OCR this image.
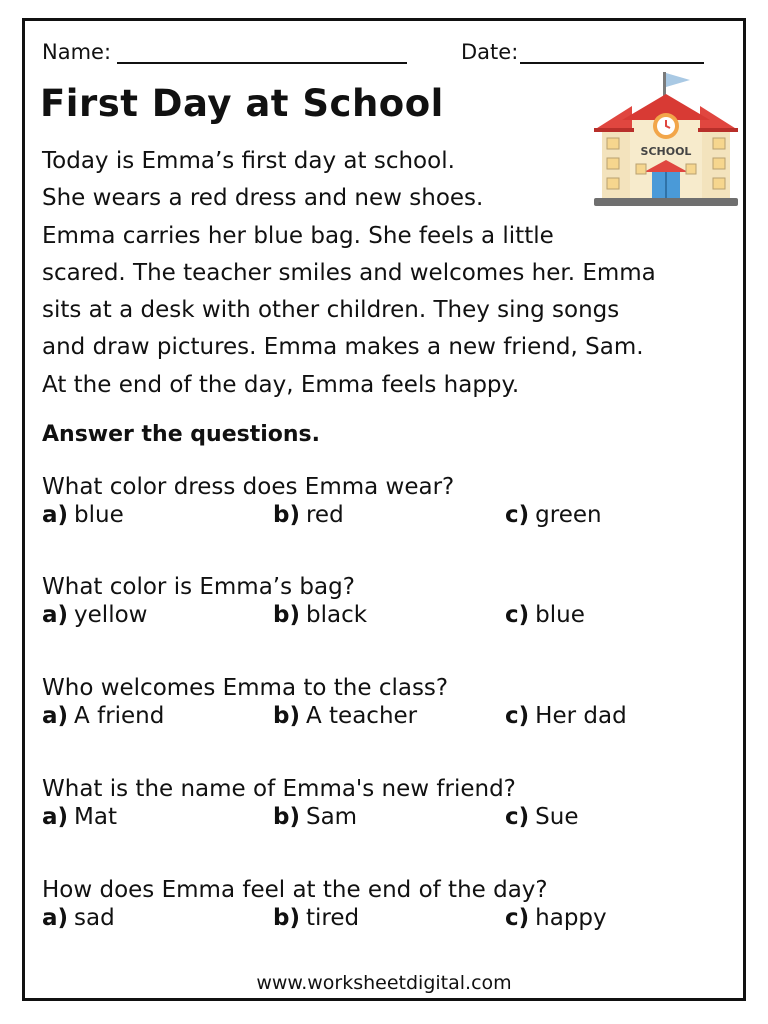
Name:	Date:
First Day at School
SCHOOL

Today is Emma’s first day at school.
She wears a red dress and new shoes.
Emma carries her blue bag. She feels a little
scared. The teacher smiles and welcomes her. Emma
sits at a desk with other children. They sing songs
and draw pictures. Emma makes a new friend, Sam.
At the end of the day, Emma feels happy.

Answer the questions.
What color dress does Emma wear?
a) blue	b) red	c) green
What color is Emma’s bag?
a) yellow	b) black	c) blue
Who welcomes Emma to the class?
a) A friend	b) A teacher	c) Her dad
What is the name of Emma's new friend?
a) Mat	b) Sam	c) Sue
How does Emma feel at the end of the day?
a) sad	b) tired	c) happy
www.worksheetdigital.com
